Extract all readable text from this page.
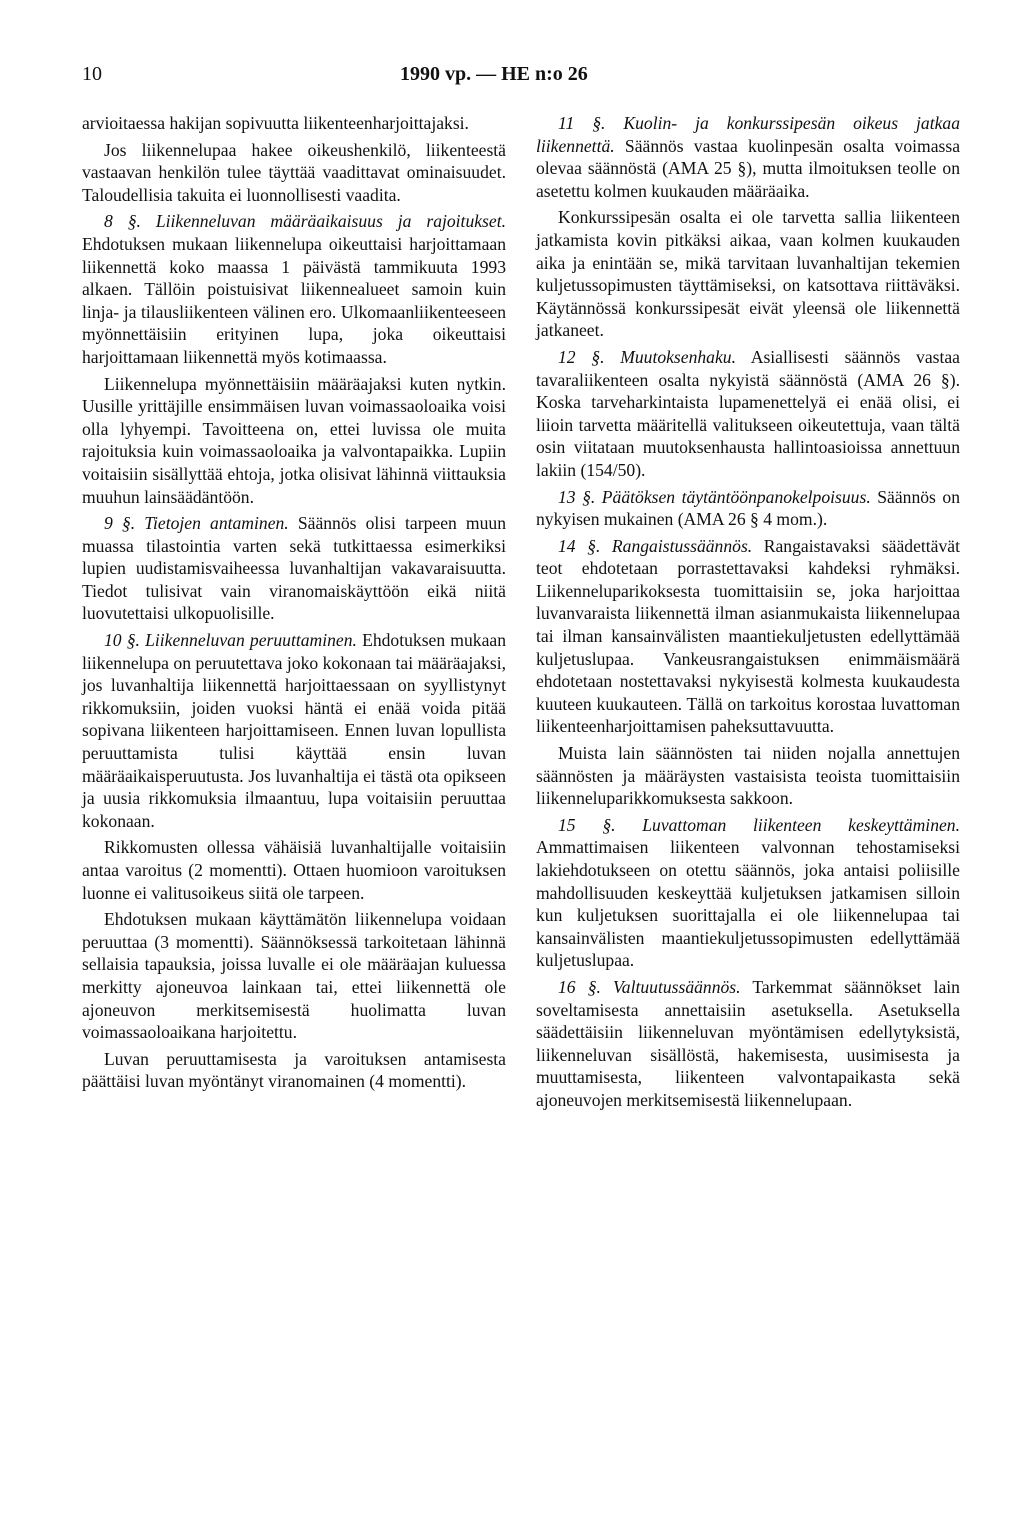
10	1990 vp. — HE n:o 26

arvioitaessa hakijan sopivuutta liikenteenharjoittajaksi.

Jos liikennelupaa hakee oikeushenkilö, liikenteestä vastaavan henkilön tulee täyttää vaadittavat ominaisuudet. Taloudellisia takuita ei luonnollisesti vaadita.

8 §. Liikenneluvan määräaikaisuus ja rajoitukset. Ehdotuksen mukaan liikennelupa oikeuttaisi harjoittamaan liikennettä koko maassa 1 päivästä tammikuuta 1993 alkaen. Tällöin poistuisivat liikennealueet samoin kuin linja- ja tilausliikenteen välinen ero. Ulkomaanliikenteeseen myönnettäisiin erityinen lupa, joka oikeuttaisi harjoittamaan liikennettä myös kotimaassa.

Liikennelupa myönnettäisiin määräajaksi kuten nytkin. Uusille yrittäjille ensimmäisen luvan voimassaoloaika voisi olla lyhyempi. Tavoitteena on, ettei luvissa ole muita rajoituksia kuin voimassaoloaika ja valvontapaikka. Lupiin voitaisiin sisällyttää ehtoja, jotka olisivat lähinnä viittauksia muuhun lainsäädäntöön.

9 §. Tietojen antaminen. Säännös olisi tarpeen muun muassa tilastointia varten sekä tutkittaessa esimerkiksi lupien uudistamisvaiheessa luvanhaltijan vakavaraisuutta. Tiedot tulisivat vain viranomaiskäyttöön eikä niitä luovutettaisi ulkopuolisille.

10 §. Liikenneluvan peruuttaminen. Ehdotuksen mukaan liikennelupa on peruutettava joko kokonaan tai määräajaksi, jos luvanhaltija liikennettä harjoittaessaan on syyllistynyt rikkomuksiin, joiden vuoksi häntä ei enää voida pitää sopivana liikenteen harjoittamiseen. Ennen luvan lopullista peruuttamista tulisi käyttää ensin luvan määräaikaisperuutusta. Jos luvanhaltija ei tästä ota opikseen ja uusia rikkomuksia ilmaantuu, lupa voitaisiin peruuttaa kokonaan.

Rikkomusten ollessa vähäisiä luvanhaltijalle voitaisiin antaa varoitus (2 momentti). Ottaen huomioon varoituksen luonne ei valitusoikeus siitä ole tarpeen.

Ehdotuksen mukaan käyttämätön liikennelupa voidaan peruuttaa (3 momentti). Säännöksessä tarkoitetaan lähinnä sellaisia tapauksia, joissa luvalle ei ole määräajan kuluessa merkitty ajoneuvoa lainkaan tai, ettei liikennettä ole ajoneuvon merkitsemisestä huolimatta luvan voimassaoloaikana harjoitettu.

Luvan peruuttamisesta ja varoituksen antamisesta päättäisi luvan myöntänyt viranomainen (4 momentti).

11 §. Kuolin- ja konkurssipesän oikeus jatkaa liikennettä. Säännös vastaa kuolinpesän osalta voimassa olevaa säännöstä (AMA 25 §), mutta ilmoituksen teolle on asetettu kolmen kuukauden määräaika.

Konkurssipesän osalta ei ole tarvetta sallia liikenteen jatkamista kovin pitkäksi aikaa, vaan kolmen kuukauden aika ja enintään se, mikä tarvitaan luvanhaltijan tekemien kuljetussopimusten täyttämiseksi, on katsottava riittäväksi. Käytännössä konkurssipesät eivät yleensä ole liikennettä jatkaneet.

12 §. Muutoksenhaku. Asiallisesti säännös vastaa tavaraliikenteen osalta nykyistä säännöstä (AMA 26 §). Koska tarveharkintaista lupamenettelyä ei enää olisi, ei liioin tarvetta määritellä valitukseen oikeutettuja, vaan tältä osin viitataan muutoksenhausta hallintoasioissa annettuun lakiin (154/50).

13 §. Päätöksen täytäntöönpanokelpoisuus. Säännös on nykyisen mukainen (AMA 26 § 4 mom.).

14 §. Rangaistussäännös. Rangaistavaksi säädettävät teot ehdotetaan porrastettavaksi kahdeksi ryhmäksi. Liikenneluparikoksesta tuomittaisiin se, joka harjoittaa luvanvaraista liikennettä ilman asianmukaista liikennelupaa tai ilman kansainvälisten maantiekuljetusten edellyttämää kuljetuslupaa. Vankeusrangaistuksen enimmäismäärä ehdotetaan nostettavaksi nykyisestä kolmesta kuukaudesta kuuteen kuukauteen. Tällä on tarkoitus korostaa luvattoman liikenteenharjoittamisen paheksuttavuutta.

Muista lain säännösten tai niiden nojalla annettujen säännösten ja määräysten vastaisista teoista tuomittaisiin liikenneluparikkomuksesta sakkoon.

15 §. Luvattoman liikenteen keskeyttäminen. Ammattimaisen liikenteen valvonnan tehostamiseksi lakiehdotukseen on otettu säännös, joka antaisi poliisille mahdollisuuden keskeyttää kuljetuksen jatkamisen silloin kun kuljetuksen suorittajalla ei ole liikennelupaa tai kansainvälisten maantiekuljetussopimusten edellyttämää kuljetuslupaa.

16 §. Valtuutussäännös. Tarkemmat säännökset lain soveltamisesta annettaisiin asetuksella. Asetuksella säädettäisiin liikenneluvan myöntämisen edellytyksistä, liikenneluvan sisällöstä, hakemisesta, uusimisesta ja muuttamisesta, liikenteen valvontapaikasta sekä ajoneuvojen merkitsemisestä liikennelupaan.
